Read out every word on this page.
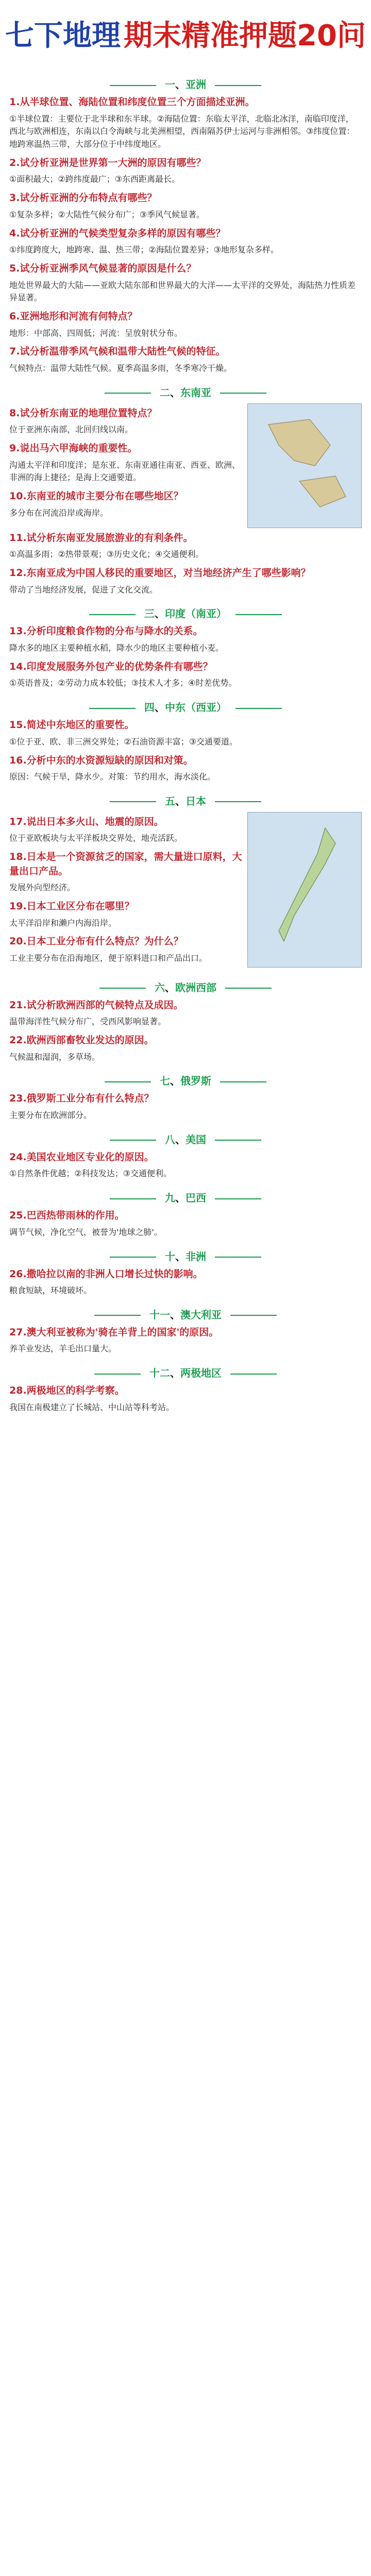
七下地理 期末精准押题20问
一、亚洲
1.从半球位置、海陆位置和纬度位置三个方面描述亚洲。
①半球位置：主要位于北半球和东半球。②海陆位置：东临太平洋，北临北冰洋，南临印度洋，西北与欧洲相连，东南以白令海峡与北美洲相望，西南隔苏伊士运河与非洲相邻。③纬度位置：地跨寒温热三带，大部分位于中纬度地区。
2.试分析亚洲是世界第一大洲的原因有哪些？
①面积最大；②跨纬度最广；③东西距离最长。
3.试分析亚洲的分布特点有哪些？
①复杂多样；②大陆性气候分布广；③季风气候显著。
4.试分析亚洲的气候类型复杂多样的原因有哪些？
①纬度跨度大，地跨寒、温、热三带；②海陆位置差异；③地形复杂多样。
5.试分析亚洲季风气候显著的原因是什么？
地处世界最大的大陆——亚欧大陆东部和世界最大的大洋——太平洋的交界处，海陆热力性质差异显著。
6.亚洲地形和河流有何特点？
地形：中部高、四周低；河流：呈放射状分布。
7.试分析温带季风气候和温带大陆性气候的特征。
气候特点：温带大陆性气候。夏季高温多雨，冬季寒冷干燥。
二、东南亚
8.试分析东南亚的地理位置特点？
位于亚洲东南部，北回归线以南。
9.说出马六甲海峡的重要性。
沟通太平洋和印度洋；是东亚、东南亚通往南亚、西亚、欧洲、非洲的海上捷径；是海上交通要道。
10.东南亚的城市主要分布在哪些地区？
多分布在河流沿岸或海岸。
11.试分析东南亚发展旅游业的有利条件。
①高温多雨；②热带景观；③历史文化；④交通便利。
12.东南亚成为中国人移民的重要地区，对当地经济产生了哪些影响？
带动了当地经济发展，促进了文化交流。
三、印度（南亚）
13.分析印度粮食作物的分布与降水的关系。
降水多的地区主要种植水稻，降水少的地区主要种植小麦。
14.印度发展服务外包产业的优势条件有哪些？
①英语普及；②劳动力成本较低；③技术人才多；④时差优势。
四、中东（西亚）
15.简述中东地区的重要性。
①位于亚、欧、非三洲交界处；②石油资源丰富；③交通要道。
16.分析中东的水资源短缺的原因和对策。
原因：气候干旱，降水少。对策：节约用水，海水淡化。
五、日本
17.说出日本多火山、地震的原因。
位于亚欧板块与太平洋板块交界处，地壳活跃。
18.日本是一个资源贫乏的国家，需大量进口原料，大量出口产品。
发展外向型经济。
19.日本工业区分布在哪里？
太平洋沿岸和濑户内海沿岸。
20.日本工业分布有什么特点？为什么？
工业主要分布在沿海地区，便于原料进口和产品出口。
六、欧洲西部
21.试分析欧洲西部的气候特点及成因。
温带海洋性气候分布广，受西风影响显著。
22.欧洲西部畜牧业发达的原因。
气候温和湿润，多草场。
七、俄罗斯
23.俄罗斯工业分布有什么特点？
主要分布在欧洲部分。
八、美国
24.美国农业地区专业化的原因。
①自然条件优越；②科技发达；③交通便利。
九、巴西
25.巴西热带雨林的作用。
调节气候，净化空气，被誉为'地球之肺'。
十、非洲
26.撒哈拉以南的非洲人口增长过快的影响。
粮食短缺，环境破坏。
十一、澳大利亚
27.澳大利亚被称为'骑在羊背上的国家'的原因。
养羊业发达，羊毛出口量大。
十二、两极地区
28.两极地区的科学考察。
我国在南极建立了长城站、中山站等科考站。
